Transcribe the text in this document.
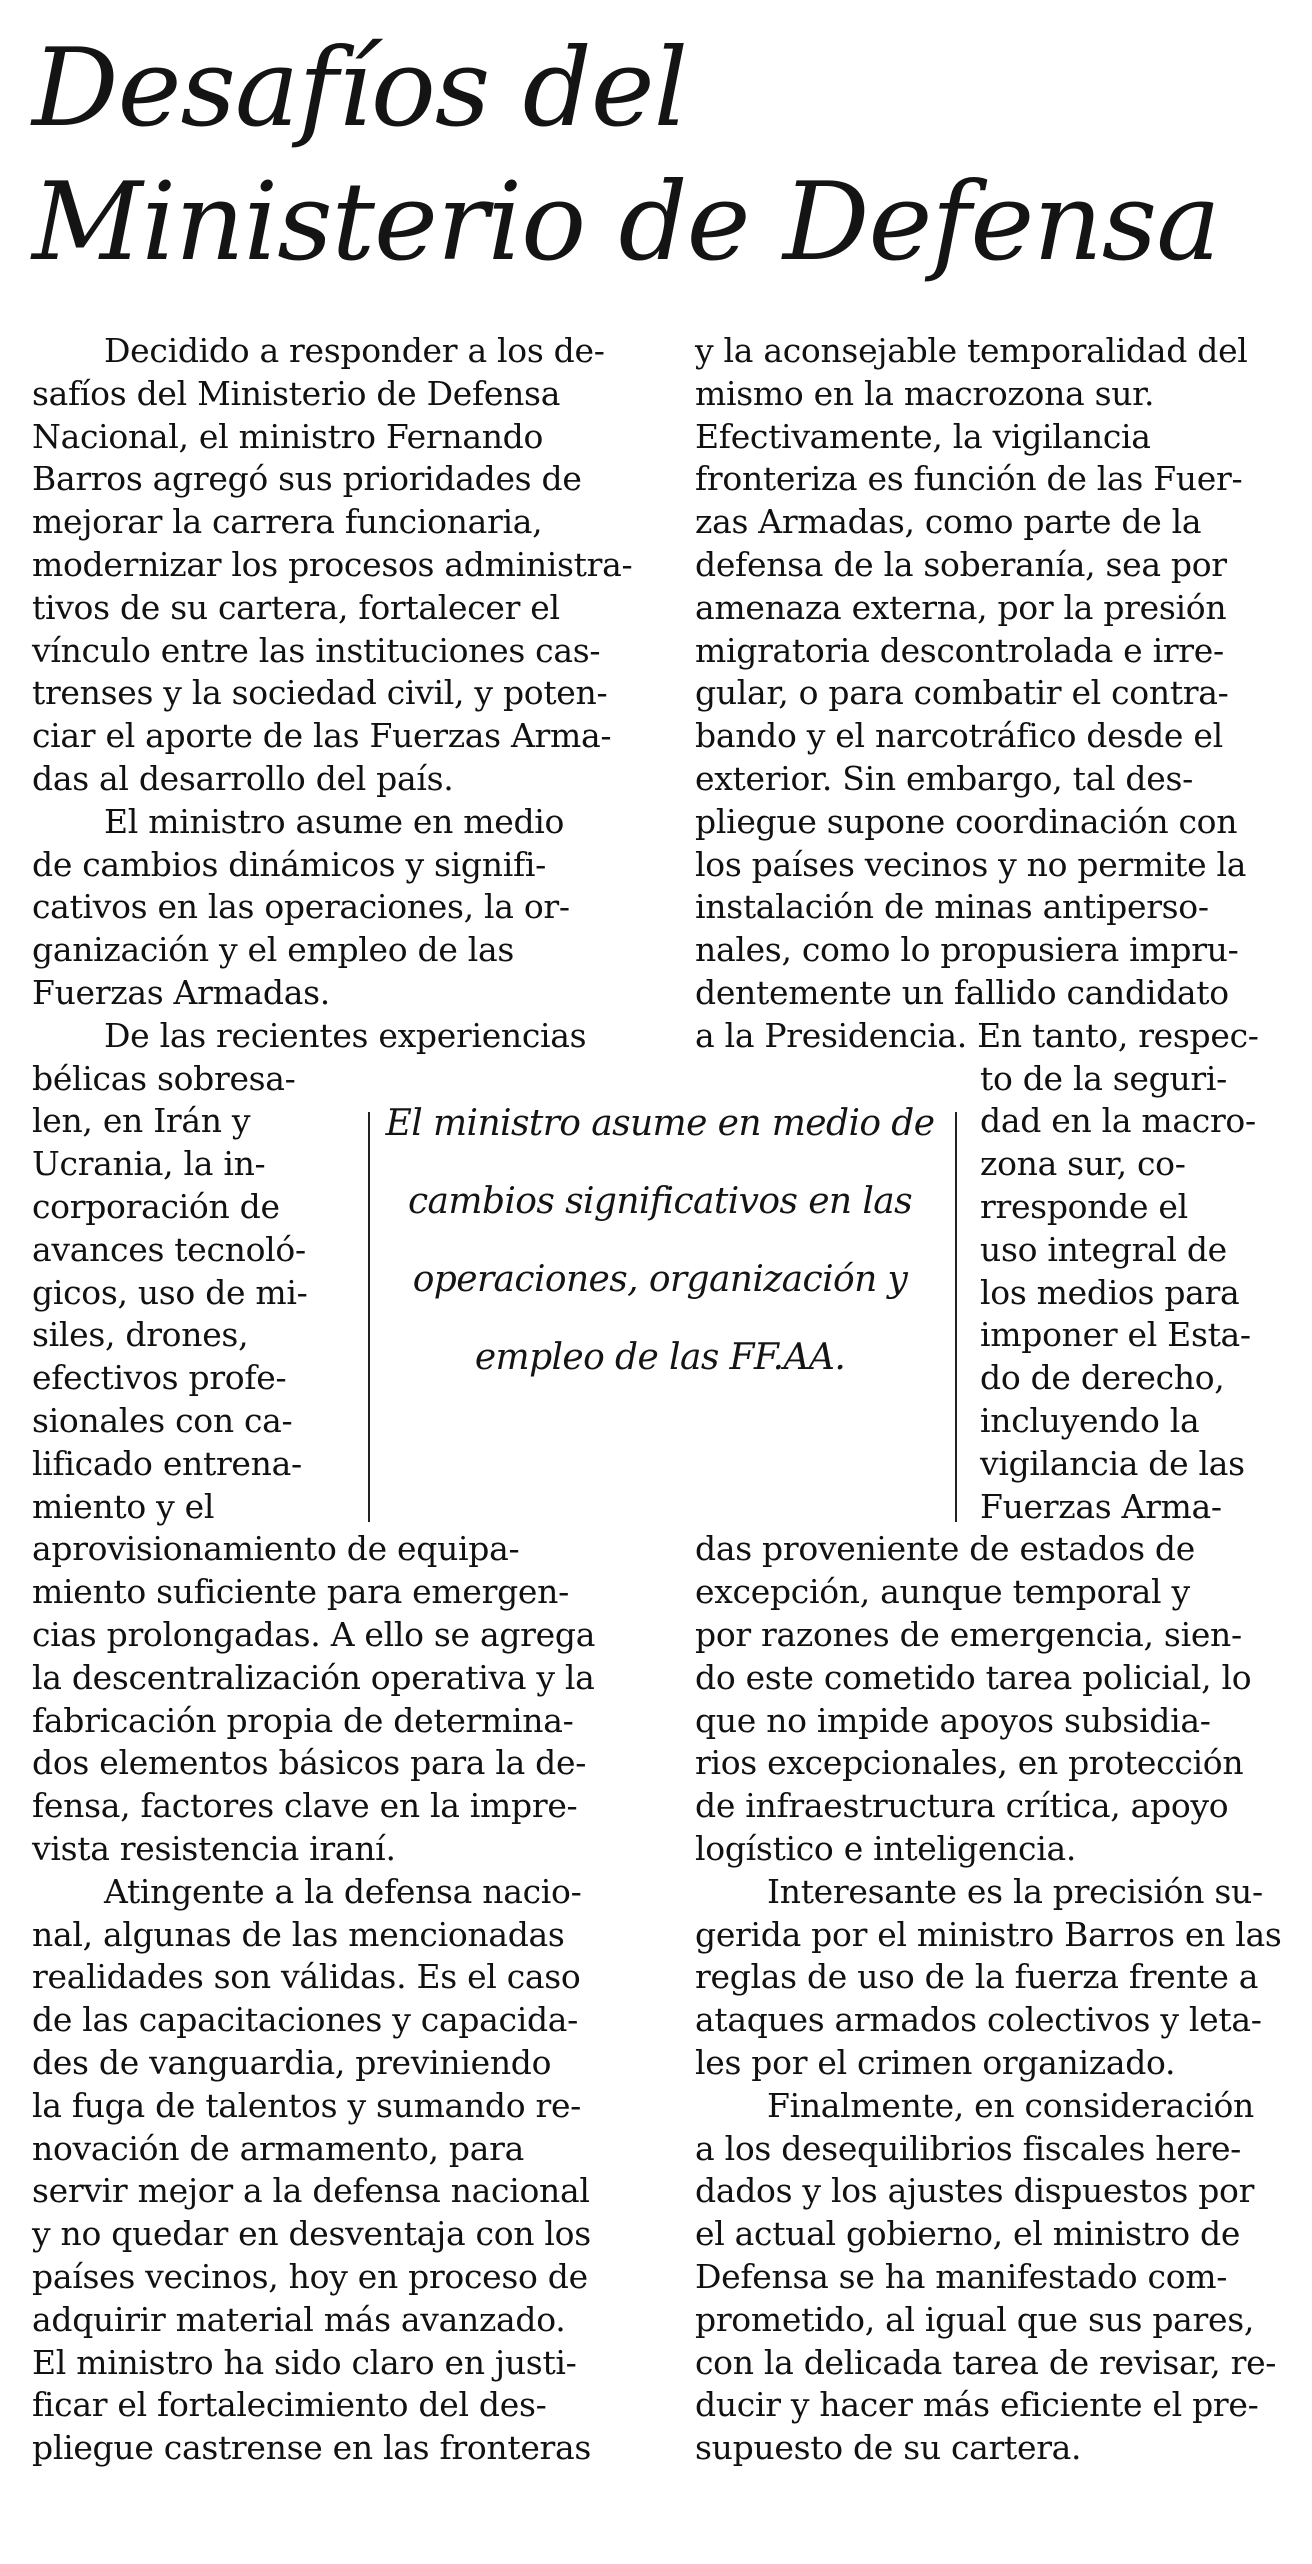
Desafíos del
Ministerio de Defensa
Decidido a responder a los de-
safíos del Ministerio de Defensa
Nacional, el ministro Fernando
Barros agregó sus prioridades de
mejorar la carrera funcionaria,
modernizar los procesos administra-
tivos de su cartera, fortalecer el
vínculo entre las instituciones cas-
trenses y la sociedad civil, y poten-
ciar el aporte de las Fuerzas Arma-
das al desarrollo del país.
El ministro asume en medio
de cambios dinámicos y signifi-
cativos en las operaciones, la or-
ganización y el empleo de las
Fuerzas Armadas.
De las recientes experiencias
bélicas sobresa-
len, en Irán y
Ucrania, la in-
corporación de
avances tecnoló-
gicos, uso de mi-
siles, drones,
efectivos profe-
sionales con ca-
lificado entrena-
miento y el
aprovisionamiento de equipa-
miento suficiente para emergen-
cias prolongadas. A ello se agrega
la descentralización operativa y la
fabricación propia de determina-
dos elementos básicos para la de-
fensa, factores clave en la impre-
vista resistencia iraní.
Atingente a la defensa nacio-
nal, algunas de las mencionadas
realidades son válidas. Es el caso
de las capacitaciones y capacida-
des de vanguardia, previniendo
la fuga de talentos y sumando re-
novación de armamento, para
servir mejor a la defensa nacional
y no quedar en desventaja con los
países vecinos, hoy en proceso de
adquirir material más avanzado.
El ministro ha sido claro en justi-
ficar el fortalecimiento del des-
pliegue castrense en las fronteras
y la aconsejable temporalidad del
mismo en la macrozona sur.
Efectivamente, la vigilancia
fronteriza es función de las Fuer-
zas Armadas, como parte de la
defensa de la soberanía, sea por
amenaza externa, por la presión
migratoria descontrolada e irre-
gular, o para combatir el contra-
bando y el narcotráfico desde el
exterior. Sin embargo, tal des-
pliegue supone coordinación con
los países vecinos y no permite la
instalación de minas antiperso-
nales, como lo propusiera impru-
dentemente un fallido candidato
a la Presidencia. En tanto, respec-
to de la seguri-
dad en la macro-
zona sur, co-
rresponde el
uso integral de
los medios para
imponer el Esta-
do de derecho,
incluyendo la
vigilancia de las
Fuerzas Arma-
das proveniente de estados de
excepción, aunque temporal y
por razones de emergencia, sien-
do este cometido tarea policial, lo
que no impide apoyos subsidia-
rios excepcionales, en protección
de infraestructura crítica, apoyo
logístico e inteligencia.
Interesante es la precisión su-
gerida por el ministro Barros en las
reglas de uso de la fuerza frente a
ataques armados colectivos y leta-
les por el crimen organizado.
Finalmente, en consideración
a los desequilibrios fiscales here-
dados y los ajustes dispuestos por
el actual gobierno, el ministro de
Defensa se ha manifestado com-
prometido, al igual que sus pares,
con la delicada tarea de revisar, re-
ducir y hacer más eficiente el pre-
supuesto de su cartera.

El ministro asume en medio de cambios significativos en las operaciones, organización y empleo de las FF.AA.
